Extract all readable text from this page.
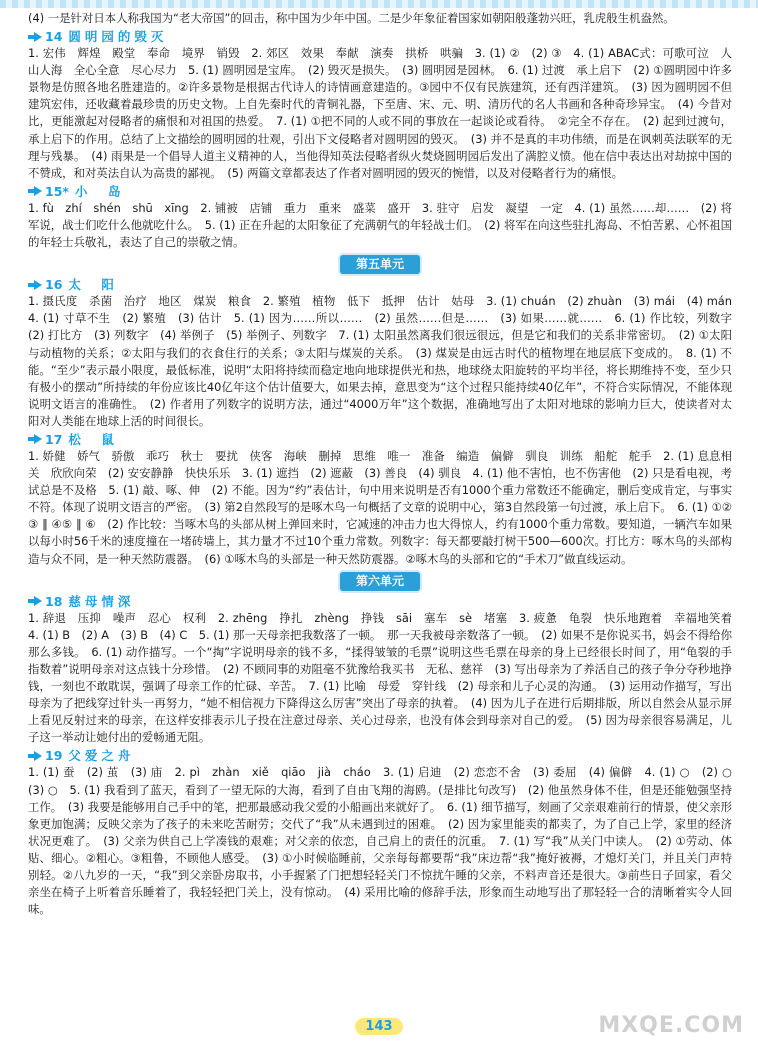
(4) 一是针对日本人称我国为“老大帝国”的回击，称中国为少年中国。二是少年象征着国家如朝阳般蓬勃兴旺，乳虎般生机盎然。

14 圆明园的毁灭

1. 宏伟　辉煌　殿堂　奉命　境界　销毁　2. 郊区　效果　奉献　演奏　拱桥　哄骗　3. (1) ②　(2) ③　4. (1) ABAC式：可歌可泣　人山人海　全心全意　尽心尽力　5. (1) 圆明园是宝库。　(2) 毁灭是损失。　(3) 圆明园是园林。　6. (1) 过渡　承上启下　(2) ①圆明园中许多景物是仿照各地名胜建造的。②许多景物是根据古代诗人的诗情画意建造的。③园中不仅有民族建筑，还有西洋建筑。　(3) 因为圆明园不但建筑宏伟，还收藏着最珍贵的历史文物。上自先秦时代的青铜礼器，下至唐、宋、元、明、清历代的名人书画和各种奇珍异宝。　(4) 今昔对比，更能激起对侵略者的痛恨和对祖国的热爱。　7. (1) ①把不同的人或不同的事放在一起谈论或看待。　②完全不存在。　(2) 起到过渡句，承上启下的作用。总结了上文描绘的圆明园的壮观，引出下文侵略者对圆明园的毁灭。　(3) 并不是真的丰功伟绩，而是在讽刺英法联军的无理与残暴。　(4) 雨果是一个倡导人道主义精神的人，当他得知英法侵略者纵火焚烧圆明园后发出了满腔义愤。他在信中表达出对劫掠中国的不赞成，和对英法自认为高贵的鄙视。　(5) 两篇文章都表达了作者对圆明园的毁灭的惋惜，以及对侵略者行为的痛恨。

15* 小　岛

1. fù　zhí　shén　shū　xīng　2. 铺被　店铺　重力　重来　盛菜　盛开　3. 驻守　启发　凝望　一定　4. (1) 虽然……却……　(2) 将军说，战士们吃什么他就吃什么。　5. (1) 正在升起的太阳象征了充满朝气的年轻战士们。　(2) 将军在向这些驻扎海岛、不怕苦累、心怀祖国的年轻士兵敬礼，表达了自己的崇敬之情。

第五单元
16 太　阳

1. 摄氏度　杀菌　治疗　地区　煤炭　粮食　2. 繁殖　植物　低下　抵押　估计　姑母　3. (1) chuán　(2) zhuàn　(3) mái　(4) mán　4. (1) 寸草不生　(2) 繁殖　(3) 估计　5. (1) 因为……所以……　(2) 虽然……但是……　(3) 如果……就……　6. (1) 作比较，列数字　(2) 打比方　(3) 列数字　(4) 举例子　(5) 举例子、列数字　7. (1) 太阳虽然离我们很远很远，但是它和我们的关系非常密切。　(2) ①太阳与动植物的关系；②太阳与我们的衣食住行的关系；③太阳与煤炭的关系。　(3) 煤炭是由远古时代的植物埋在地层底下变成的。　8. (1) 不能。“至少”表示最小限度，最低标准，说明“太阳将持续而稳定地向地球提供光和热，地球绕太阳旋转的平均半径，将长期维持不变，至少只有极小的摆动”所持续的年份应该比40亿年这个估计值要大，如果去掉，意思变为“这个过程只能持续40亿年”，不符合实际情况，不能体现说明文语言的准确性。　(2) 作者用了列数字的说明方法，通过“4000万年”这个数据，准确地写出了太阳对地球的影响力巨大，使读者对太阳对人类能在地球上活的时间很长。

17 松　鼠

1. 娇健　娇气　骄傲　乖巧　秋士　要扰　侠客　海峡　删掉　思维　唯一　准备　编造　偏僻　驯良　训练　船舵　舵手　2. (1) 息息相关　欣欣向荣　(2) 安安静静　快快乐乐　3. (1) 遮挡　(2) 遮蔽　(3) 善良　(4) 驯良　4. (1) 他不害怕，也不伤害他　(2) 只是看电视，考试总是不及格　5. (1) 敲、啄、伸　(2) 不能。因为“约”表估计，句中用来说明是否有1000个重力常数还不能确定，删后变成肯定，与事实不符。体现了说明文语言的严密。　(3) 第2自然段写的是啄木鸟一句概括了文章的说明中心，第3自然段第一句过渡，承上启下。　6. (1) ①②③ ‖ ④⑤ ‖ ⑥　(2) 作比较：当啄木鸟的头部从树上弹回来时，它减速的冲击力也大得惊人，约有1000个重力常数。要知道，一辆汽车如果以每小时56千米的速度撞在一堵砖墙上，其力量才不过10个重力常数。列数字：每天都要敲打树干500—600次。打比方：啄木鸟的头部构造与众不同，是一种天然防震器。　(6) ①啄木鸟的头部是一种天然防震器。②啄木鸟的头部和它的“手术刀”做直线运动。

第六单元
18 慈母情深

1. 辞退　压抑　噪声　忍心　权利　2. zhēng　挣扎　zhèng　挣钱　sāi　塞车　sè　堵塞　3. 疲惫　龟裂　快乐地跑着　幸福地笑着　4. (1) B　(2) A　(3) B　(4) C　5. (1) 那一天母亲把我数落了一顿。　那一天我被母亲数落了一顿。　(2) 如果不是你说买书，妈会不得给你那么多钱。　6. (1) 动作描写。一个“掏”字说明母亲的钱不多，“揉得皱皱的毛票”说明这些毛票在母亲的身上已经很长时间了，用“龟裂的手指数着”说明母亲对这点钱十分珍惜。　(2) 不顾同事的劝阻毫不犹豫给我买书　无私、慈祥　(3) 写出母亲为了养活自己的孩子争分夺秒地挣钱，一刻也不敢耽误，强调了母亲工作的忙碌、辛苦。　7. (1) 比喻　母爱　穿针线　(2) 母亲和儿子心灵的沟通。　(3) 运用动作描写，写出母亲为了把线穿过针头一再努力，“她不相信视力下降得这么厉害”突出了母亲的执着。　(4) 因为儿子在进行后期排版，所以自然会从显示屏上看见反射过来的母亲，在这样安排表示儿子投在注意过母亲、关心过母亲，也没有体会到母亲对自己的爱。　(5) 因为母亲很容易满足，儿子这一举动让她付出的爱畅通无阻。

19 父爱之舟

1. (1) 蚕　(2) 茧　(3) 庙　2. pì　zhàn　xiě　qiāo　jià　cháo　3. (1) 启迪　(2) 恋恋不舍　(3) 委屈　(4) 偏僻　4. (1) ○　(2) ○　(3) ○　5. (1) 我看到了蓝天，看到了一望无际的大海，看到了自由飞翔的海鸥。(是排比句改写)　(2) 他虽然身体不佳，但是还能勉强坚持工作。　(3) 我要是能够用自己手中的笔，把那最感动我父爱的小船画出来就好了。　6. (1) 细节描写，刻画了父亲艰难前行的情景，使父亲形象更加饱满；反映父亲为了孩子的未来吃苦耐劳；交代了“我”从未遇到过的困难。　(2) 因为家里能卖的都卖了，为了自己上学，家里的经济状况更难了。　(3) 父亲为供自己上学凑钱的艰难；对父亲的依恋，自己肩上的责任的沉重。　7. (1) 写“我”从关门中读人。　(2) ①劳动、体贴、细心。②粗心。③粗鲁，不顾他人感受。　(3) ①小时候临睡前，父亲每每都要帮“我”床边帮“我”掩好被褥，才熄灯关门，并且关门声特别轻。②八九岁的一天，“我”到父亲卧房取书，小手握紧了门把想轻轻关门不惊扰午睡的父亲，不料声音还是很大。③前些日子回家，看父亲坐在椅子上听着音乐睡着了，我轻轻把门关上，没有惊动。　(4) 采用比喻的修辞手法，形象而生动地写出了那轻轻一合的清晰着实令人回味。

143	MXQE.COM
